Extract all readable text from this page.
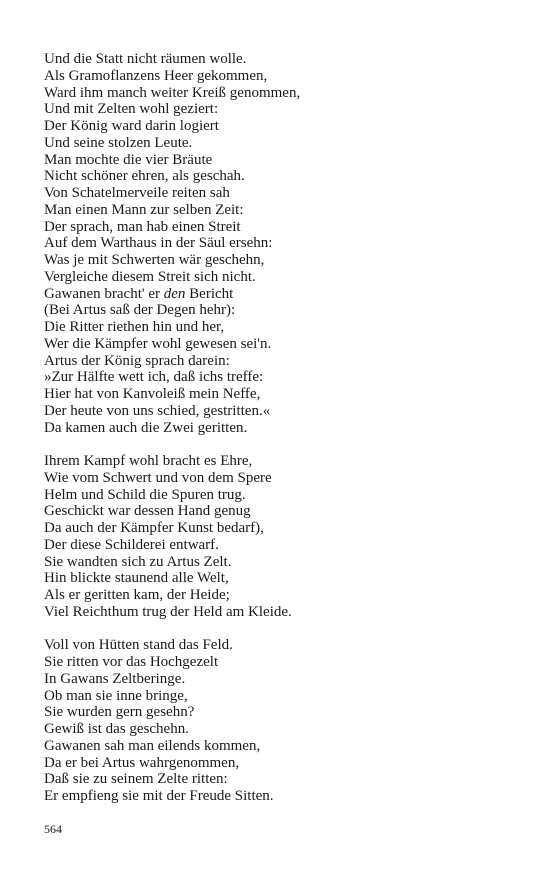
Und die Statt nicht räumen wolle.
Als Gramoflanzens Heer gekommen,
Ward ihm manch weiter Kreiß genommen,
Und mit Zelten wohl geziert:
Der König ward darin logiert
Und seine stolzen Leute.
Man mochte die vier Bräute
Nicht schöner ehren, als geschah.
Von Schatelmerveile reiten sah
Man einen Mann zur selben Zeit:
Der sprach, man hab einen Streit
Auf dem Warthaus in der Säul ersehn:
Was je mit Schwerten wär geschehn,
Vergleiche diesem Streit sich nicht.
Gawanen bracht' er den Bericht
(Bei Artus saß der Degen hehr):
Die Ritter riethen hin und her,
Wer die Kämpfer wohl gewesen sei'n.
Artus der König sprach darein:
»Zur Hälfte wett ich, daß ichs treffe:
Hier hat von Kanvoleiß mein Neffe,
Der heute von uns schied, gestritten.«
Da kamen auch die Zwei geritten.
Ihrem Kampf wohl bracht es Ehre,
Wie vom Schwert und von dem Spere
Helm und Schild die Spuren trug.
Geschickt war dessen Hand genug
Da auch der Kämpfer Kunst bedarf),
Der diese Schilderei entwarf.
Sie wandten sich zu Artus Zelt.
Hin blickte staunend alle Welt,
Als er geritten kam, der Heide;
Viel Reichthum trug der Held am Kleide.
Voll von Hütten stand das Feld.
Sie ritten vor das Hochgezelt
In Gawans Zeltberinge.
Ob man sie inne bringe,
Sie wurden gern gesehn?
Gewiß ist das geschehn.
Gawanen sah man eilends kommen,
Da er bei Artus wahrgenommen,
Daß sie zu seinem Zelte ritten:
Er empfieng sie mit der Freude Sitten.
564
